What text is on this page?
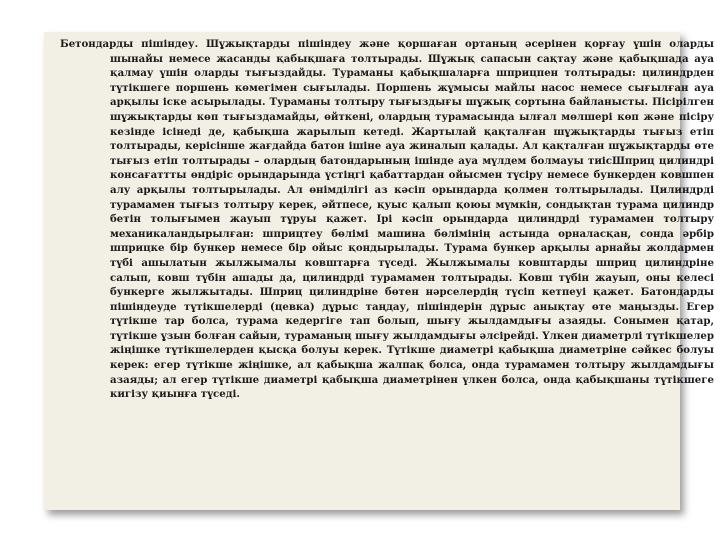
Бетондарды пішіндеу. Шұжықтарды пішіндеу және қоршаған ортаның әсерінен қорғау үшін оларды шынайы немесе жасанды қабықшаға толтырады. Шұжық сапасын сақтау және қабықшада ауа қалмау үшін оларды тығыздайды. Тураманы қабықшаларға шприцпен толтырады: цилиндрден түтікшеге поршень көмегімен сығылады. Поршень жұмысы майлы насос немесе сығылған ауа арқылы іске асырылады. Тураманы толтыру тығыздығы шұжық сортына байланысты. Пісірілген шұжықтарды көп тығыздамайды, өйткені, олардың турамасында ылғал мөлшері көп және пісіру кезінде ісінеді де, қабықша жарылып кетеді. Жартылай қақталған шұжықтарды тығыз етіп толтырады, керісінше жағдайда батон ішіне ауа жиналып қалады. Ал қақталған шұжықтарды өте тығыз етіп толтырады – олардың батондарының ішінде ауа мүлдем болмауы тиісШприц цилиндрі консағаттты өндіріс орындарында үстіңгі қабаттардан ойысмен түсіру немесе бункерден ковшпен алу арқылы толтырылады. Ал өнімділігі аз кәсіп орындарда қолмен толтырылады. Цилиндрді турамамен тығыз толтыру керек, әйтпесе, қуыс қалып қоюы мүмкін, сондықтан турама цилиндр бетін толығымен жауып тұруы қажет. Ірі кәсіп орындарда цилиндрді турамамен толтыру механикаландырылған: шприцтеу бөлімі машина бөлімінің астында орналасқан, сонда әрбір шприцке бір бункер немесе бір ойыс қондырылады. Турама бункер арқылы арнайы жолдармен түбі ашылатын жылжымалы ковштарға түседі. Жылжымалы ковштарды шприц цилиндріне салып, ковш түбін ашады да, цилиндрді турамамен толтырады. Ковш түбін жауып, оны келесі бункерге жылжытады. Шприц цилиндріне бөтен нәрселердің түсіп кетпеуі қажет. Батондарды пішіндеуде түтікшелерді (цевка) дұрыс таңдау, пішіндерін дұрыс анықтау өте маңызды. Егер түтікше тар болса, турама кедергіге тап болып, шығу жылдамдығы азаяды. Сонымен қатар, түтікше ұзын болған сайын, тураманың шығу жылдамдығы әлсірейді. Үлкен диаметрлі түтікшелер жіңішке түтікшелерден қысқа болуы керек. Түтікше диаметрі қабықша диаметріне сәйкес болуы керек: егер түтікше жіңішке, ал қабықша жалпақ болса, онда турамамен толтыру жылдамдығы азаяды; ал егер түтікше диаметрі қабықша диаметрінен үлкен болса, онда қабықшаны түтікшеге кигізу қиынға түседі.
